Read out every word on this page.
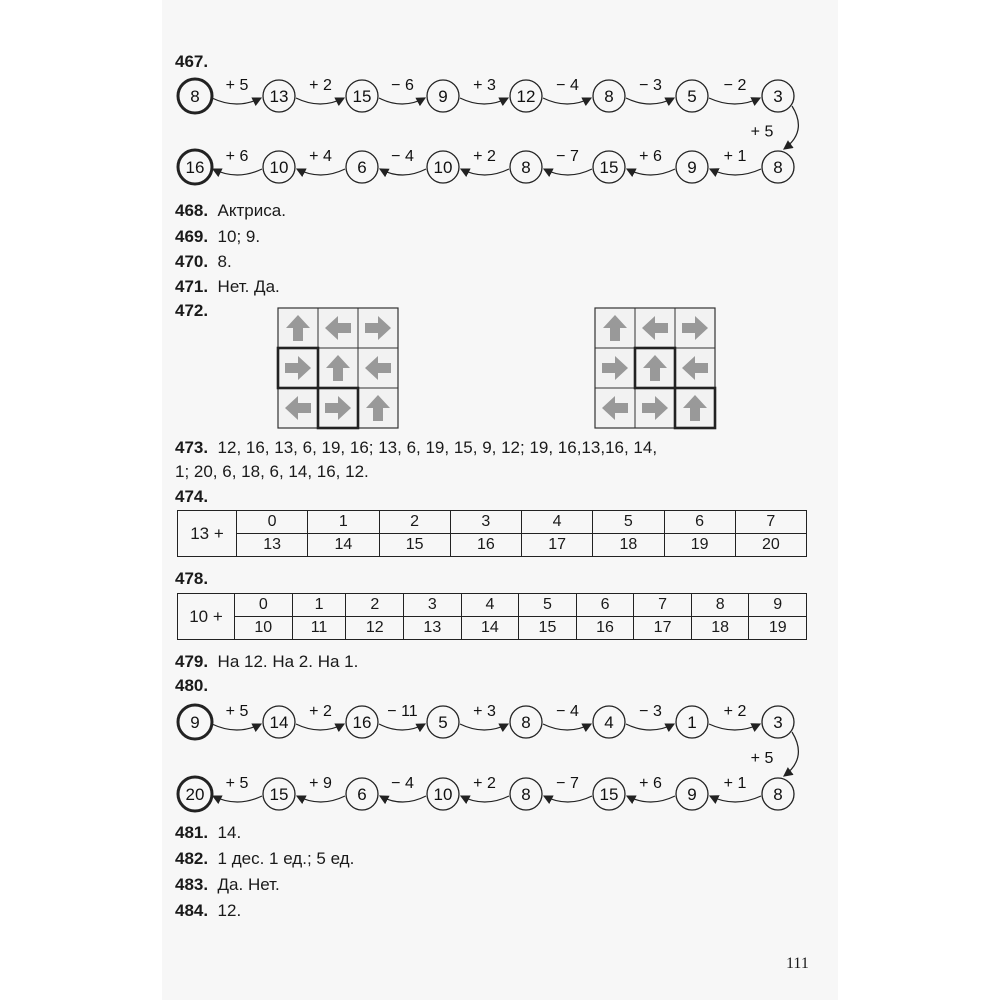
467.
8	13	15	9	12	8	5	3
+ 5	+ 2	− 6	+ 3	− 4	− 3	− 2
16	10	6	10	8	15	9	8
+ 6	+ 4	− 4	+ 2	− 7	+ 6	+ 1
+ 5
468. Актриса.
469. 10; 9.
470. 8.
471. Нет. Да.
472.
473. 12, 16, 13, 6, 19, 16; 13, 6, 19, 15, 9, 12; 19, 16,13,16, 14,
1; 20, 6, 18, 6, 14, 16, 12.
474.
13 +	0	1	2	3	4	5	6	7
	13	14	15	16	17	18	19	20
478.
10 +	0	1	2	3	4	5	6	7	8	9
	10	11	12	13	14	15	16	17	18	19
479. На 12. На 2. На 1.
480.
9	14	16	5	8	4	1	3
+ 5	+ 2	− 11	+ 3	− 4	− 3	+ 2
20	15	6	10	8	15	9	8
+ 5	+ 9	− 4	+ 2	− 7	+ 6	+ 1
+ 5
481. 14.
482. 1 дес. 1 ед.; 5 ед.
483. Да. Нет.
484. 12.
111
